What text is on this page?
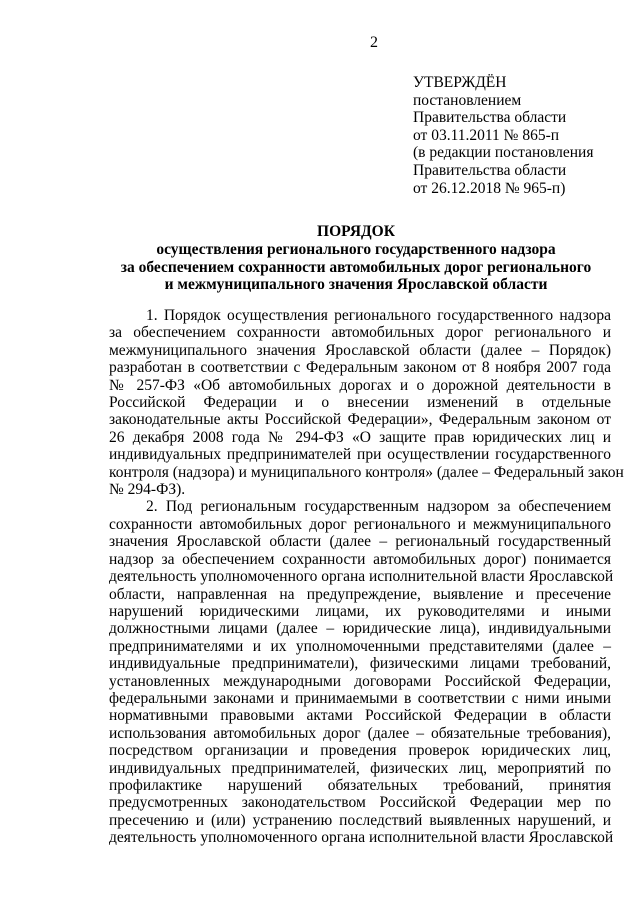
2
УТВЕРЖДЁН
постановлением
Правительства области
от 03.11.2011 № 865-п
(в редакции постановления
Правительства области
от 26.12.2018 № 965-п)
ПОРЯДОК
осуществления регионального государственного надзора
за обеспечением сохранности автомобильных дорог регионального
и межмуниципального значения Ярославской области
1. Порядок осуществления регионального государственного надзора
за обеспечением сохранности автомобильных дорог регионального и
межмуниципального значения Ярославской области (далее – Порядок)
разработан в соответствии с Федеральным законом от 8 ноября 2007 года
№ 257-ФЗ «Об автомобильных дорогах и о дорожной деятельности в
Российской Федерации и о внесении изменений в отдельные
законодательные акты Российской Федерации», Федеральным законом от
26 декабря 2008 года № 294-ФЗ «О защите прав юридических лиц и
индивидуальных предпринимателей при осуществлении государственного
контроля (надзора) и муниципального контроля» (далее – Федеральный закон
№ 294-ФЗ).
2. Под региональным государственным надзором за обеспечением
сохранности автомобильных дорог регионального и межмуниципального
значения Ярославской области (далее – региональный государственный
надзор за обеспечением сохранности автомобильных дорог) понимается
деятельность уполномоченного органа исполнительной власти Ярославской
области, направленная на предупреждение, выявление и пресечение
нарушений юридическими лицами, их руководителями и иными
должностными лицами (далее – юридические лица), индивидуальными
предпринимателями и их уполномоченными представителями (далее –
индивидуальные предприниматели), физическими лицами требований,
установленных международными договорами Российской Федерации,
федеральными законами и принимаемыми в соответствии с ними иными
нормативными правовыми актами Российской Федерации в области
использования автомобильных дорог (далее – обязательные требования),
посредством организации и проведения проверок юридических лиц,
индивидуальных предпринимателей, физических лиц, мероприятий по
профилактике нарушений обязательных требований, принятия
предусмотренных законодательством Российской Федерации мер по
пресечению и (или) устранению последствий выявленных нарушений, и
деятельность уполномоченного органа исполнительной власти Ярославской
